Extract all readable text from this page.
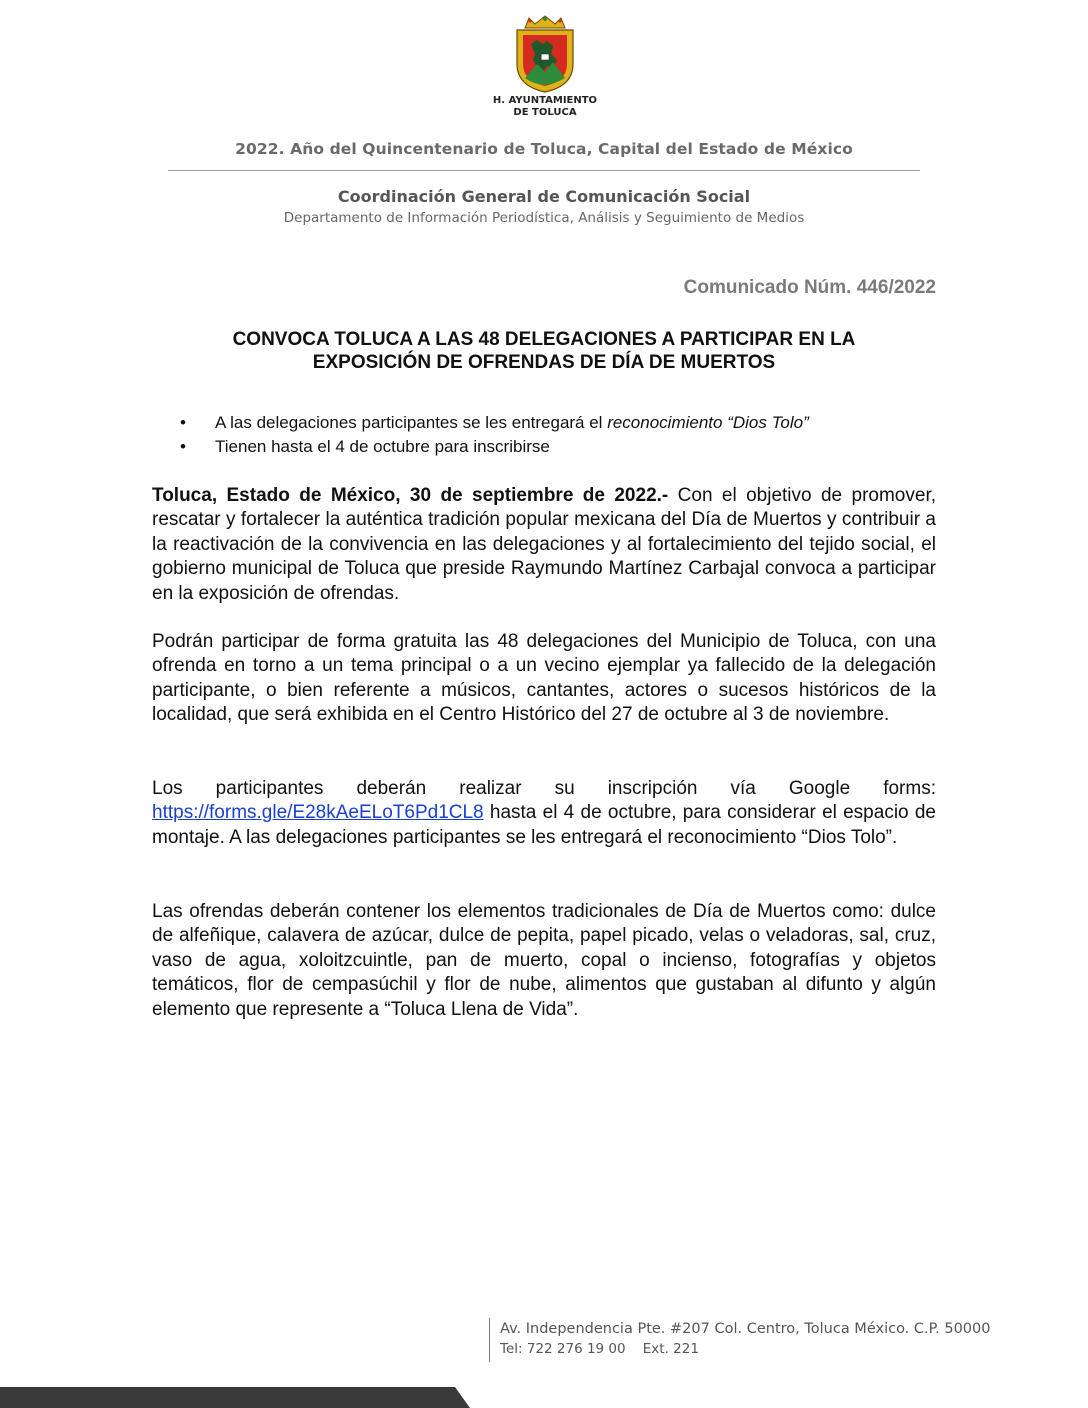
H. AYUNTAMIENTO
DE TOLUCA
2022. Año del Quincentenario de Toluca, Capital del Estado de México
Coordinación General de Comunicación Social
Departamento de Información Periodística, Análisis y Seguimiento de Medios
Comunicado Núm. 446/2022
CONVOCA TOLUCA A LAS 48 DELEGACIONES A PARTICIPAR EN LA
EXPOSICIÓN DE OFRENDAS DE DÍA DE MUERTOS
• A las delegaciones participantes se les entregará el reconocimiento “Dios Tolo”
• Tienen hasta el 4 de octubre para inscribirse

Toluca, Estado de México, 30 de septiembre de 2022.- Con el objetivo de promover, rescatar y fortalecer la auténtica tradición popular mexicana del Día de Muertos y contribuir a la reactivación de la convivencia en las delegaciones y al fortalecimiento del tejido social, el gobierno municipal de Toluca que preside Raymundo Martínez Carbajal convoca a participar en la exposición de ofrendas.

Podrán participar de forma gratuita las 48 delegaciones del Municipio de Toluca, con una ofrenda en torno a un tema principal o a un vecino ejemplar ya fallecido de la delegación participante, o bien referente a músicos, cantantes, actores o sucesos históricos de la localidad, que será exhibida en el Centro Histórico del 27 de octubre al 3 de noviembre.

Los participantes deberán realizar su inscripción vía Google forms: https://forms.gle/E28kAeELoT6Pd1CL8 hasta el 4 de octubre, para considerar el espacio de montaje. A las delegaciones participantes se les entregará el reconocimiento “Dios Tolo”.

Las ofrendas deberán contener los elementos tradicionales de Día de Muertos como: dulce de alfeñique, calavera de azúcar, dulce de pepita, papel picado, velas o veladoras, sal, cruz, vaso de agua, xoloitzcuintle, pan de muerto, copal o incienso, fotografías y objetos temáticos, flor de cempasúchil y flor de nube, alimentos que gustaban al difunto y algún elemento que represente a “Toluca Llena de Vida”.

Av. Independencia Pte. #207 Col. Centro, Toluca México. C.P. 50000
Tel: 722 276 19 00    Ext. 221
